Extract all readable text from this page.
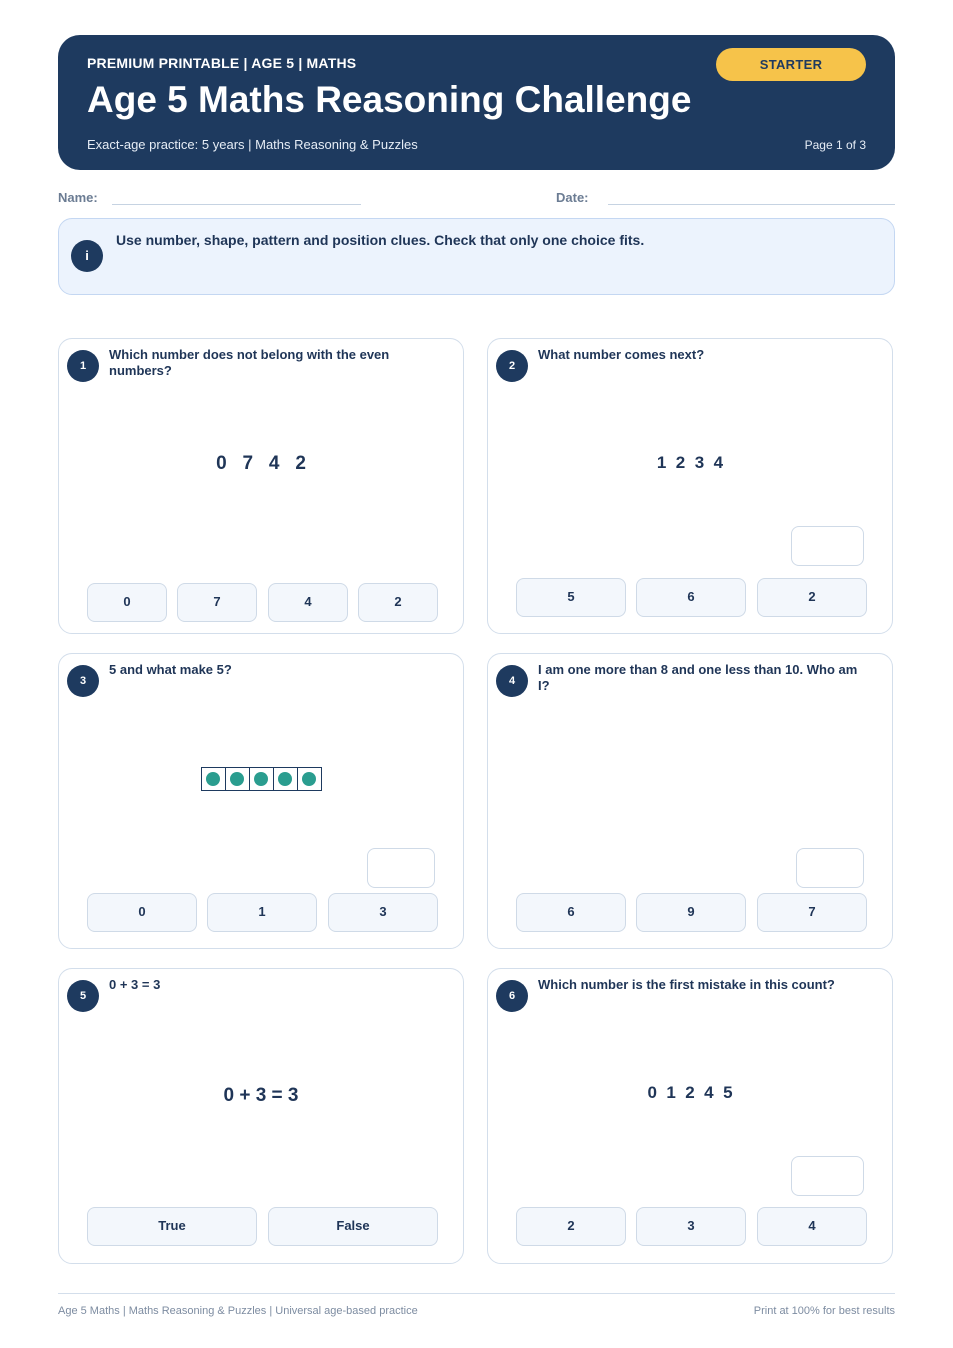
PREMIUM PRINTABLE | AGE 5 | MATHS
Age 5 Maths Reasoning Challenge
Exact-age practice: 5 years | Maths Reasoning & Puzzles	Page 1 of 3
STARTER
Name:	Date:
i
Use number, shape, pattern and position clues. Check that only one choice fits.
1
Which number does not belong with the even numbers?
0   7   4   2
0	7	4	2
2
What number comes next?
1  2  3  4
5	6	2
3
5 and what make 5?
0	1	3
4
I am one more than 8 and one less than 10. Who am I?
6	9	7
5
0 + 3 = 3
0 + 3 = 3
True	False
6
Which number is the first mistake in this count?
0  1  2  4  5
2	3	4
Age 5 Maths | Maths Reasoning & Puzzles | Universal age-based practice	Print at 100% for best results
